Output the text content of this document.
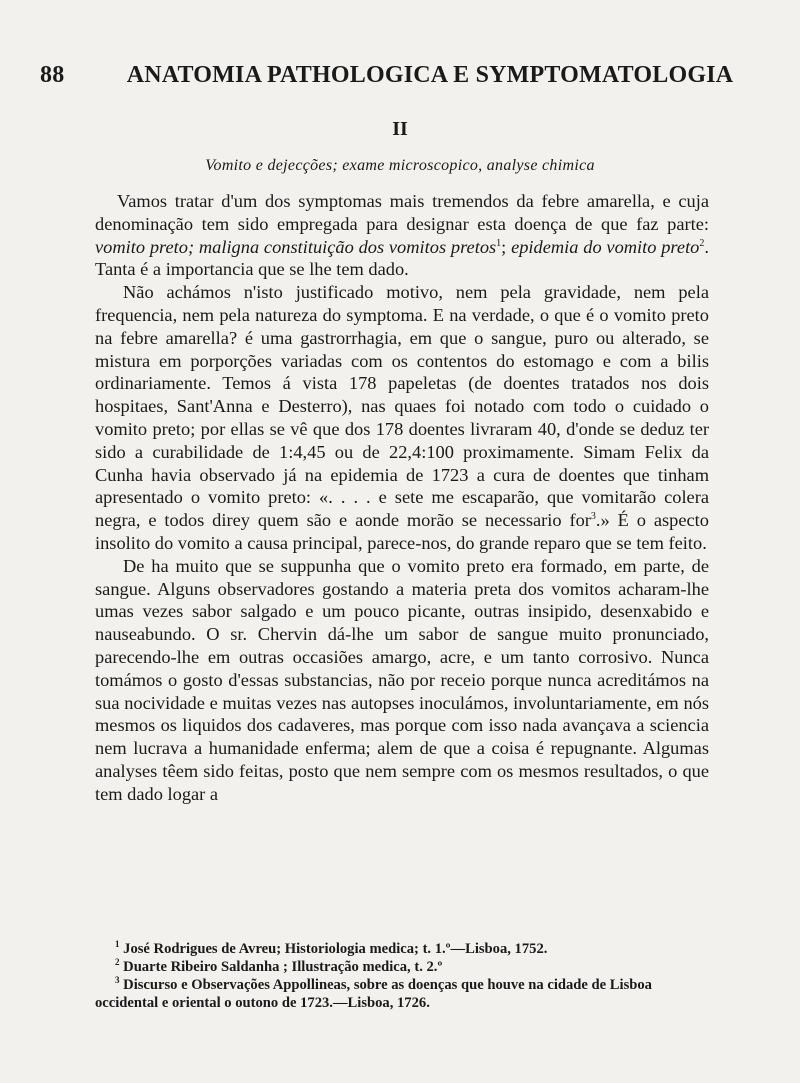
88	ANATOMIA PATHOLOGICA E SYMPTOMATOLOGIA
II
Vomito e dejecções; exame microscopico, analyse chimica

Vamos tratar d'um dos symptomas mais tremendos da febre amarella, e cuja denominação tem sido empregada para designar esta doença de que faz parte: vomito preto; maligna constituição dos vomitos pretos$^1$; epidemia do vomito preto$^2$. Tanta é a importancia que se lhe tem dado.

Não achámos n'isto justificado motivo, nem pela gravidade, nem pela frequencia, nem pela natureza do symptoma. E na verdade, o que é o vomito preto na febre amarella? é uma gastrorrhagia, em que o sangue, puro ou alterado, se mistura em porporções variadas com os contentos do estomago e com a bilis ordinariamente. Temos á vista 178 papeletas (de doentes tratados nos dois hospitaes, Sant'Anna e Desterro), nas quaes foi notado com todo o cuidado o vomito preto; por ellas se vê que dos 178 doentes livraram 40, d'onde se deduz ter sido a curabilidade de 1:4,45 ou de 22,4:100 proximamente. Simam Felix da Cunha havia observado já na epidemia de 1723 a cura de doentes que tinham apresentado o vomito preto: «. . . . e sete me escaparão, que vomitarão colera negra, e todos direy quem são e aonde morão se necessario for$^3$.» É o aspecto insolito do vomito a causa principal, parece-nos, do grande reparo que se tem feito.

De ha muito que se suppunha que o vomito preto era formado, em parte, de sangue. Alguns observadores gostando a materia preta dos vomitos acharam-lhe umas vezes sabor salgado e um pouco picante, outras insipido, desenxabido e nauseabundo. O sr. Chervin dá-lhe um sabor de sangue muito pronunciado, parecendo-lhe em outras occasiões amargo, acre, e um tanto corrosivo. Nunca tomámos o gosto d'essas substancias, não por receio porque nunca acreditámos na sua nocividade e muitas vezes nas autopses inoculámos, involuntariamente, em nós mesmos os liquidos dos cadaveres, mas porque com isso nada avançava a sciencia nem lucrava a humanidade enferma; alem de que a coisa é repugnante. Algumas analyses têem sido feitas, posto que nem sempre com os mesmos resultados, o que tem dado logar a

$^1$ José Rodrigues de Avreu; Historiologia medica; t. 1.º—Lisboa, 1752.

$^2$ Duarte Ribeiro Saldanha ; Illustração medica, t. 2.º

$^3$ Discurso e Observações Appollineas, sobre as doenças que houve na cidade de Lisboa occidental e oriental o outono de 1723.—Lisboa, 1726.
